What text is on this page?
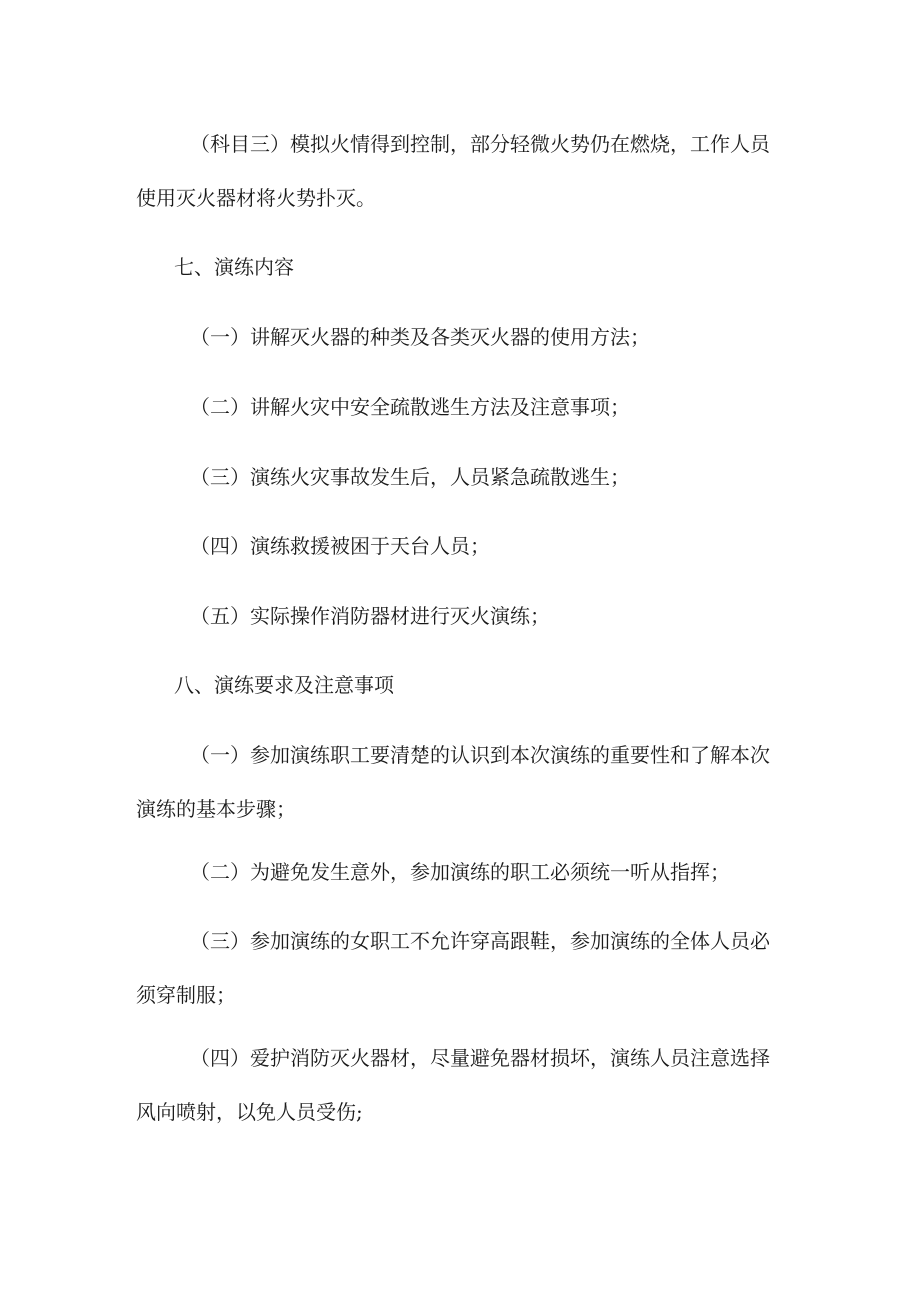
（科目三）模拟火情得到控制，部分轻微火势仍在燃烧，工作人员使用灭火器材将火势扑灭。

七、演练内容

（一）讲解灭火器的种类及各类灭火器的使用方法；

（二）讲解火灾中安全疏散逃生方法及注意事项；

（三）演练火灾事故发生后，人员紧急疏散逃生；

（四）演练救援被困于天台人员；

（五）实际操作消防器材进行灭火演练；

八、演练要求及注意事项

（一）参加演练职工要清楚的认识到本次演练的重要性和了解本次演练的基本步骤；

（二）为避免发生意外，参加演练的职工必须统一听从指挥；

（三）参加演练的女职工不允许穿高跟鞋，参加演练的全体人员必须穿制服；

（四）爱护消防灭火器材，尽量避免器材损坏，演练人员注意选择风向喷射，以免人员受伤;
